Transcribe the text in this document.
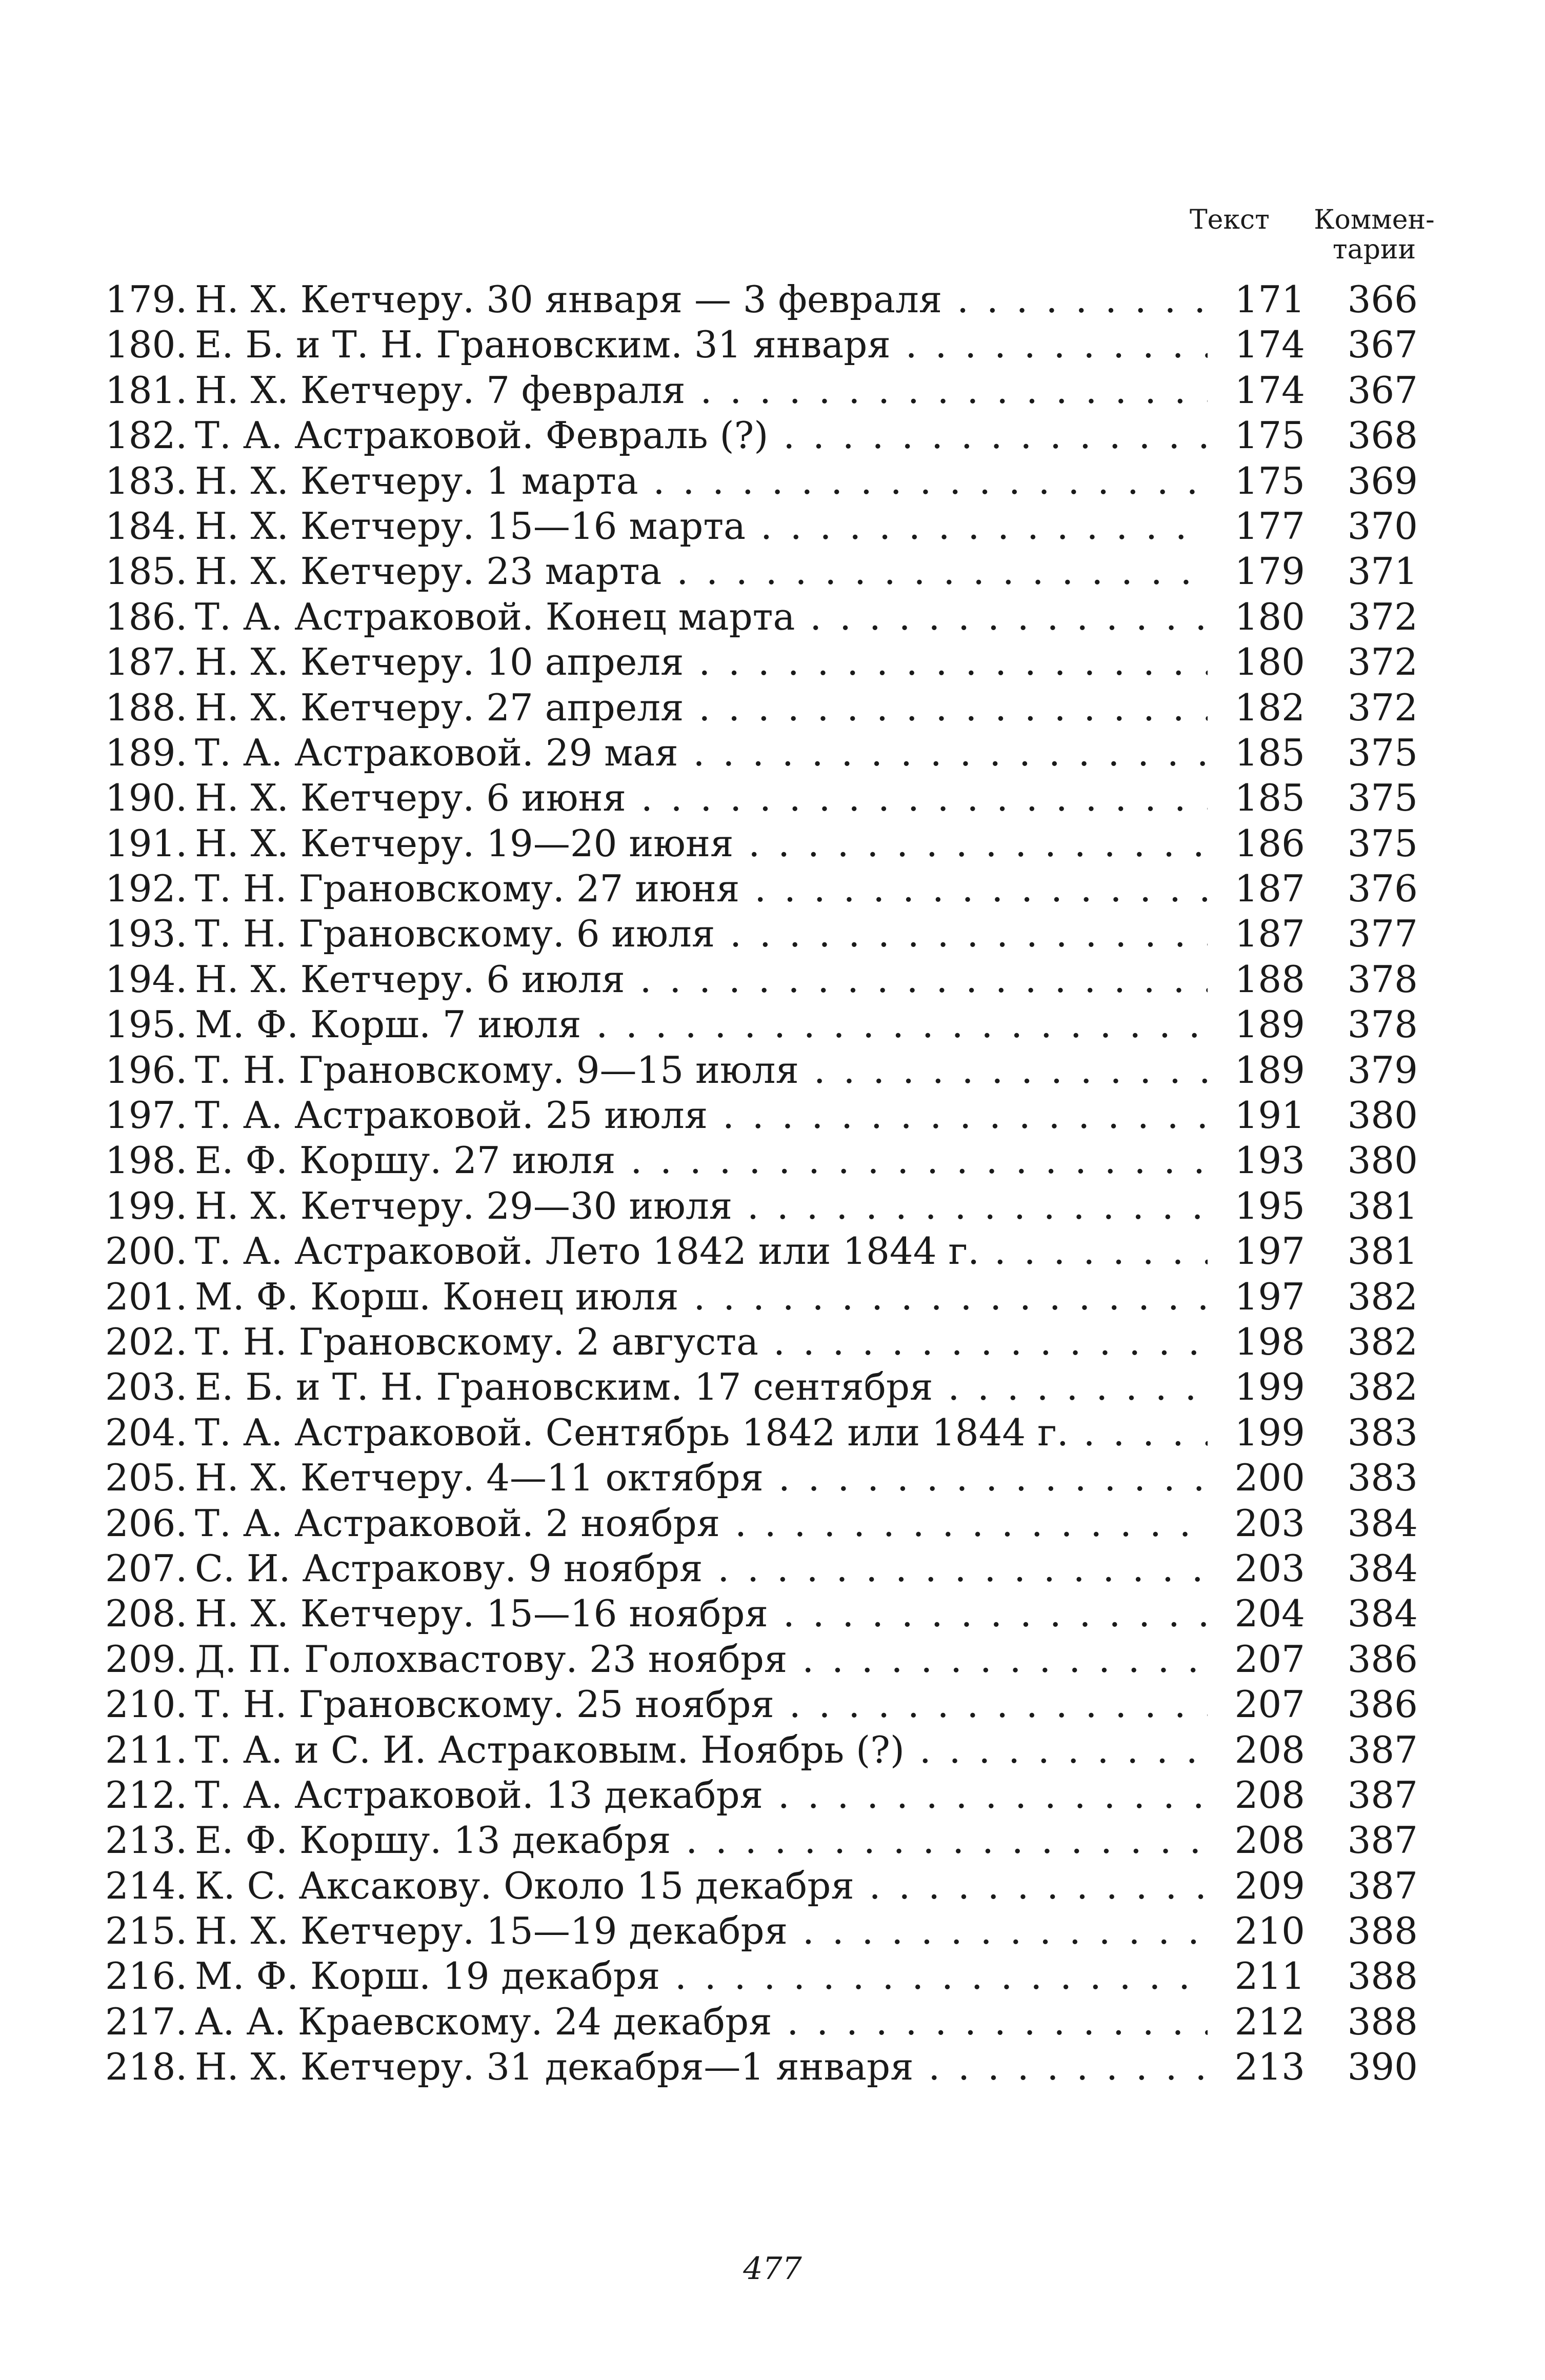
Текст	Коммен-
тарии
179. Н. X. Кетчеру. 30 января — 3 февраля . . .	171	366
180. Е. Б. и Т. Н. Грановским. 31 января . . .	174	367
181. Н. X. Кетчеру. 7 февраля . . .	174	367
182. Т. А. Астраковой. Февраль (?) . . .	175	368
183. Н. X. Кетчеру. 1 марта . . .	175	369
184. Н. X. Кетчеру. 15—16 марта . . .	177	370
185. Н. X. Кетчеру. 23 марта . . .	179	371
186. Т. А. Астраковой. Конец марта . . .	180	372
187. Н. X. Кетчеру. 10 апреля . . .	180	372
188. Н. X. Кетчеру. 27 апреля . . .	182	372
189. Т. А. Астраковой. 29 мая . . .	185	375
190. Н. X. Кетчеру. 6 июня . . .	185	375
191. Н. X. Кетчеру. 19—20 июня . . .	186	375
192. Т. Н. Грановскому. 27 июня . . .	187	376
193. Т. Н. Грановскому. 6 июля . . .	187	377
194. Н. X. Кетчеру. 6 июля . . .	188	378
195. М. Ф. Корш. 7 июля . . .	189	378
196. Т. Н. Грановскому. 9—15 июля . . .	189	379
197. Т. А. Астраковой. 25 июля . . .	191	380
198. Е. Ф. Коршу. 27 июля . . .	193	380
199. Н. X. Кетчеру. 29—30 июля . . .	195	381
200. Т. А. Астраковой. Лето 1842 или 1844 г. . . .	197	381
201. М. Ф. Корш. Конец июля . . .	197	382
202. Т. Н. Грановскому. 2 августа . . .	198	382
203. Е. Б. и Т. Н. Грановским. 17 сентября . . .	199	382
204. Т. А. Астраковой. Сентябрь 1842 или 1844 г. . . .	199	383
205. Н. X. Кетчеру. 4—11 октября . . .	200	383
206. Т. А. Астраковой. 2 ноября . . .	203	384
207. С. И. Астракову. 9 ноября . . .	203	384
208. Н. X. Кетчеру. 15—16 ноября . . .	204	384
209. Д. П. Голохвастову. 23 ноября . . .	207	386
210. Т. Н. Грановскому. 25 ноября . . .	207	386
211. Т. А. и С. И. Астраковым. Ноябрь (?) . . .	208	387
212. Т. А. Астраковой. 13 декабря . . .	208	387
213. Е. Ф. Коршу. 13 декабря . . .	208	387
214. К. С. Аксакову. Около 15 декабря . . .	209	387
215. Н. X. Кетчеру. 15—19 декабря . . .	210	388
216. М. Ф. Корш. 19 декабря . . .	211	388
217. А. А. Краевскому. 24 декабря . . .	212	388
218. Н. X. Кетчеру. 31 декабря—1 января . . .	213	390
477
